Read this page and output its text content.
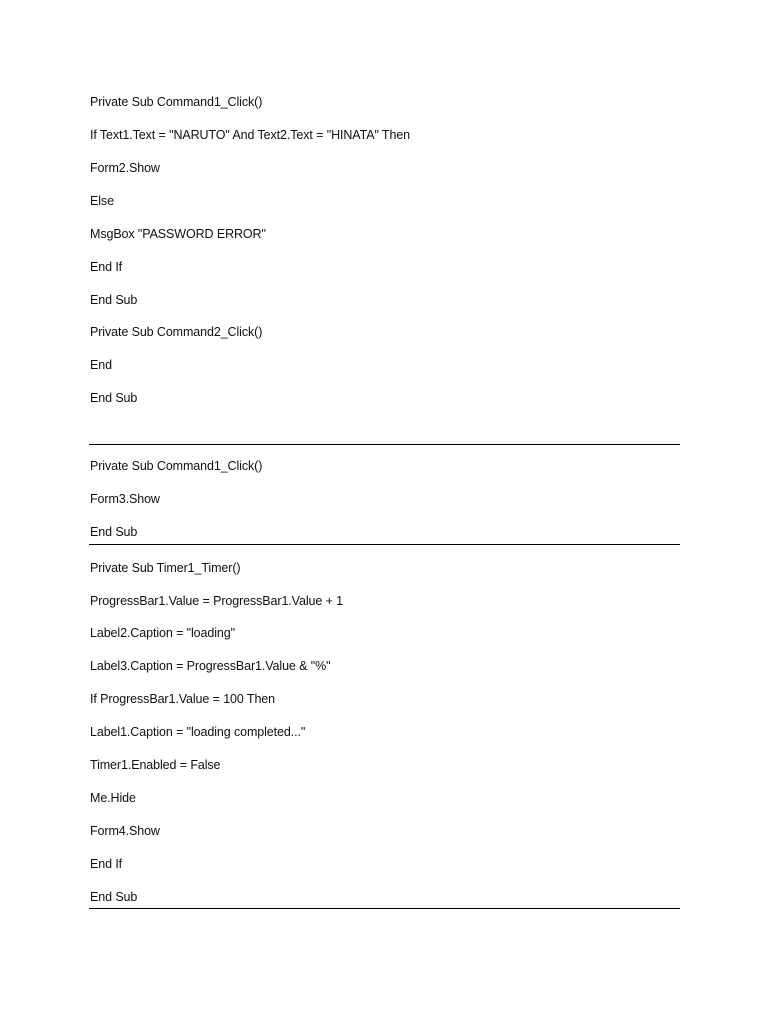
Private Sub Command1_Click()
If Text1.Text = "NARUTO" And Text2.Text = "HINATA" Then
Form2.Show
Else
MsgBox "PASSWORD ERROR"
End If
End Sub
Private Sub Command2_Click()
End
End Sub
Private Sub Command1_Click()
Form3.Show
End Sub
Private Sub Timer1_Timer()
ProgressBar1.Value = ProgressBar1.Value + 1
Label2.Caption = "loading"
Label3.Caption = ProgressBar1.Value & "%"
If ProgressBar1.Value = 100 Then
Label1.Caption = "loading completed..."
Timer1.Enabled = False
Me.Hide
Form4.Show
End If
End Sub
